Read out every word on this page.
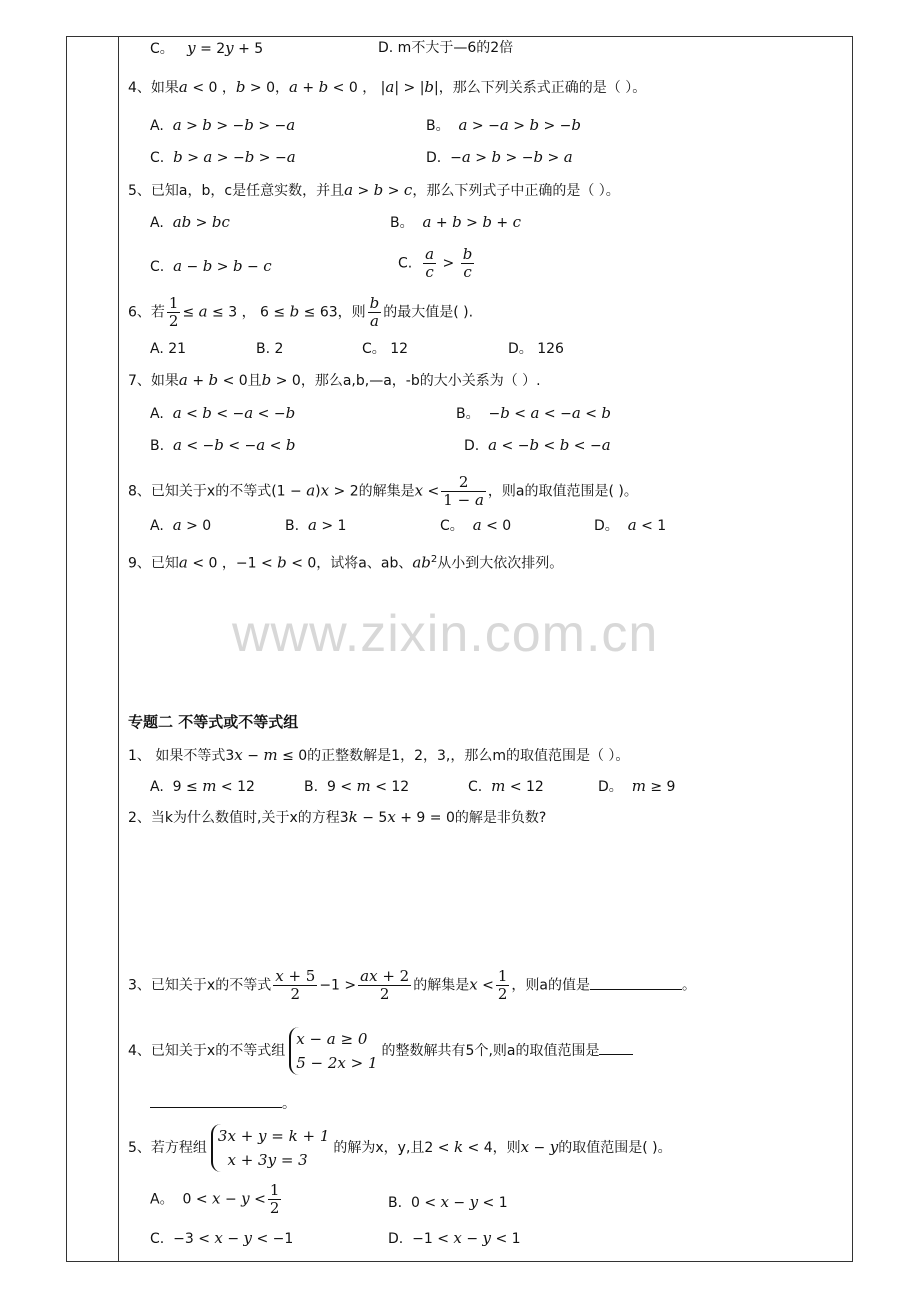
www.zixin.com.cn
C。 y = 2y + 5	D. m不大于—6的2倍
4、如果a < 0 ，b > 0，a + b < 0 ， |a| > |b|，那么下列关系式正确的是（ ）。
A. a > b > −b > −a	B。 a > −a > b > −b
C. b > a > −b > −a	D.  −a > b > −b > a
5、已知a，b，c是任意实数，并且a > b > c，那么下列式子中正确的是（ ）。
A. ab > bc	B。 a + b > b + c
C. a − b > b − c	C. $\frac{a}{c} > \frac{b}{c}$
6、若 $\frac{1}{2} \le a \le 3$ ， 6 ≤ b ≤ 63，则 $\frac{b}{a}$ 的最大值是( ).
A. 21	B. 2	C。 12	D。 126
7、如果a + b < 0且b > 0，那么a,b,—a，-b的大小关系为（ ）.
A. a < b < −a < −b	B。  −b < a < −a < b
B. a < −b < −a < b	D. a < −b < b < −a
8、已知关于x的不等式(1 − a)x > 2的解集是$x < \frac{2}{1 - a}$ ，则a的取值范围是( )。
A. a > 0	B. a > 1	C。 a < 0	D。 a < 1
9、已知a < 0 ，−1 < b < 0，试将a、ab、$ab^2$从小到大依次排列。
专题二 不等式或不等式组
1、 如果不等式3x − m ≤ 0的正整数解是1，2，3,，那么m的取值范围是（ ）。
A.  9 ≤ m < 12	B.  9 < m < 12	C. m < 12	D。 m ≥ 9
2、当k为什么数值时,关于x的方程3k − 5x + 9 = 0的解是非负数?
3、已知关于x的不等式 $\frac{x + 5}{2} -1 > \frac{ax + 2}{2}$ 的解集是$x < \frac{1}{2}$ ，则a的值是	。
4、已知关于x的不等式组
x − a ≥ 0
5 − 2x > 1
的整数解共有5个,则a的取值范围是
。
5、若方程组
3x + y = k + 1
x + 3y = 3
的解为x，y,且2 < k < 4，则x − y的取值范围是( )。
A。  $0 < x - y < \frac{1}{2}$	B.  0 < x − y < 1
C.  −3 < x − y < −1	D.  −1 < x − y < 1
